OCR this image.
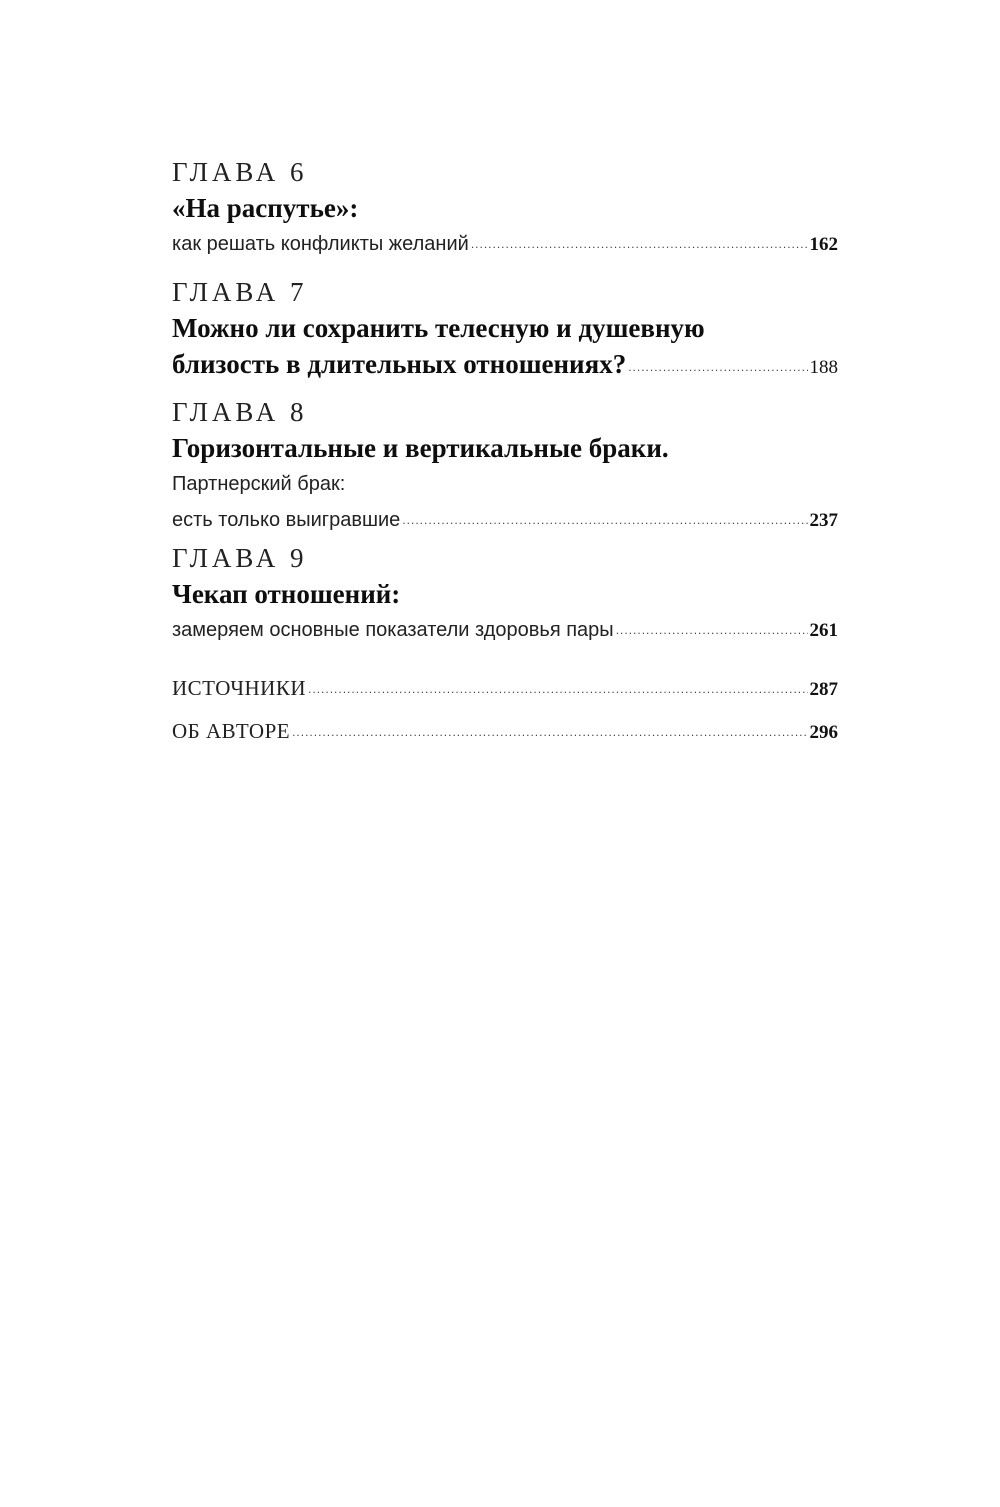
ГЛАВА 6
«На распутье»:
как решать конфликты желаний .....	162
ГЛАВА 7
Можно ли сохранить телесную и душевную
близость в длительных отношениях? .....	188
ГЛАВА 8
Горизонтальные и вертикальные браки.
Партнерский брак:
есть только выигравшие .....	237
ГЛАВА 9
Чекап отношений:
замеряем основные показатели здоровья пары .....	261
ИСТОЧНИКИ .....	287
ОБ АВТОРЕ .....	296
